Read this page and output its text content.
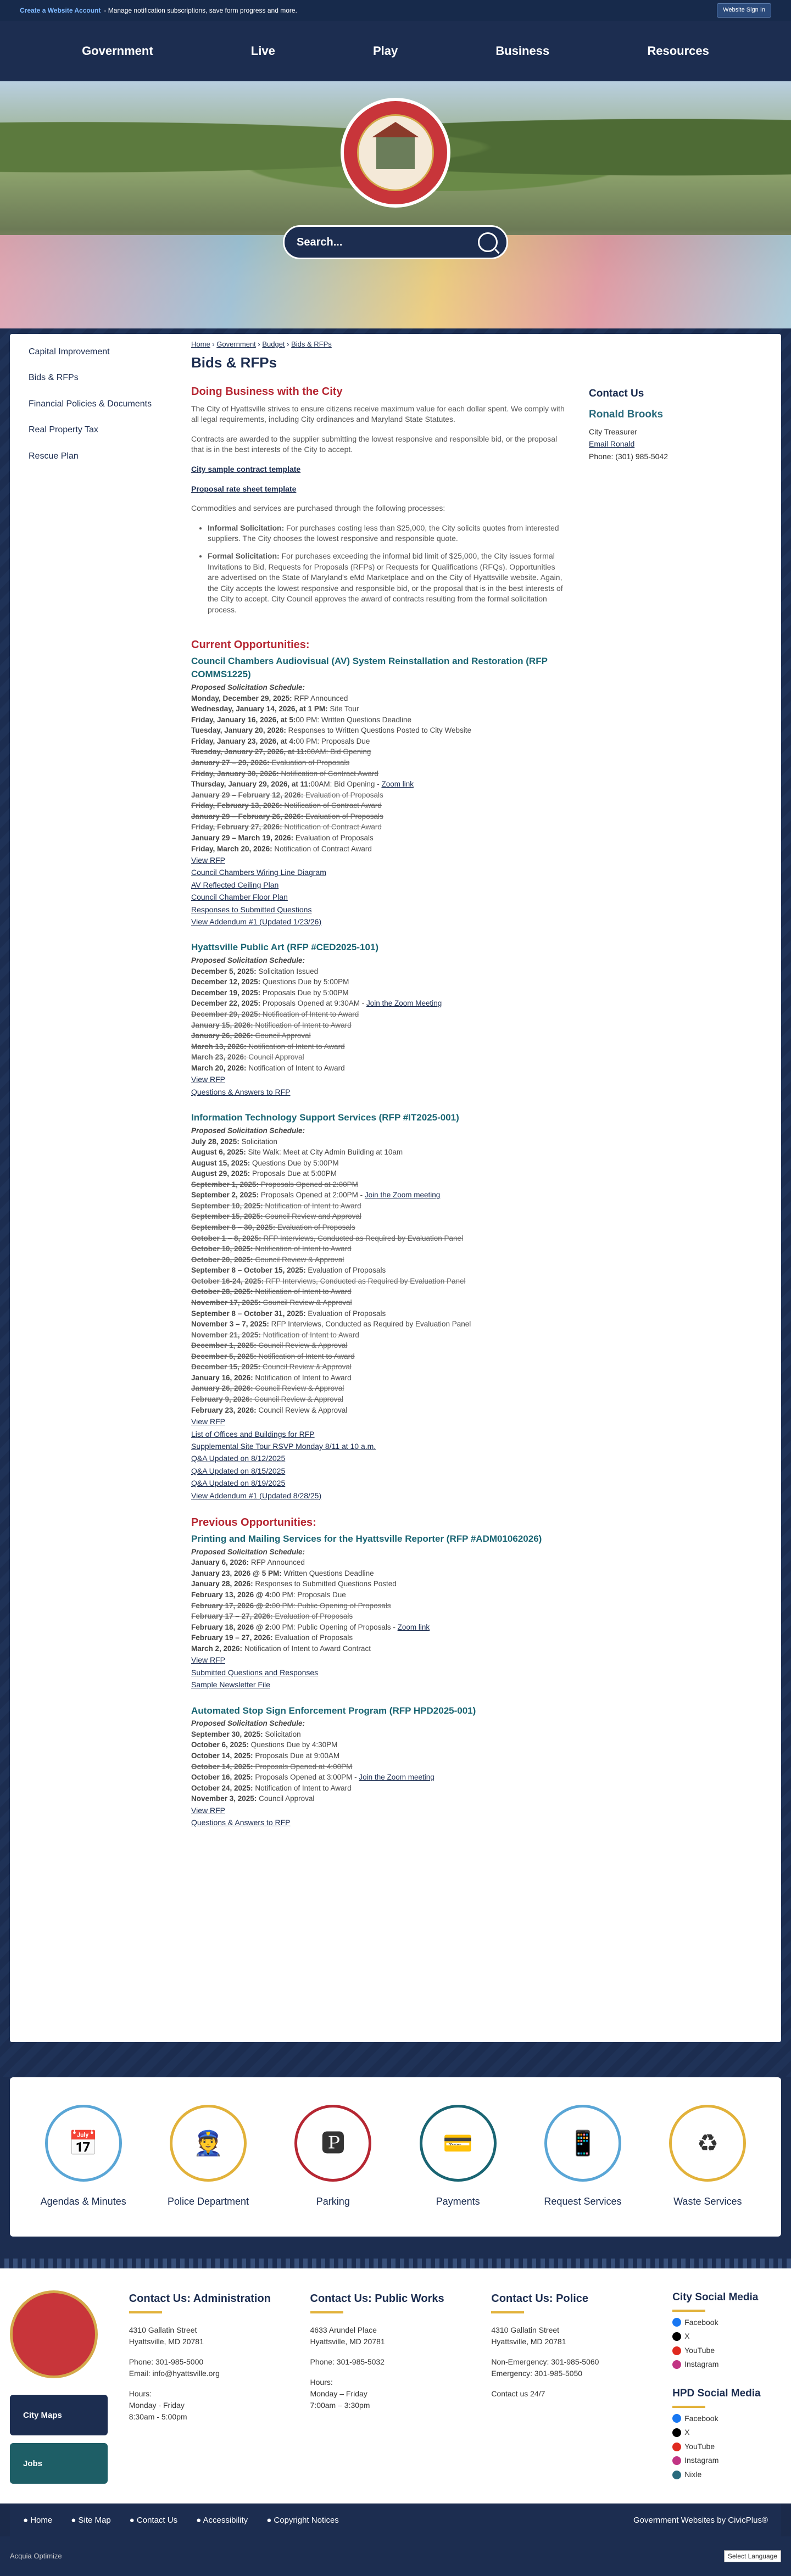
Create a Website Account - Manage notification subscriptions, save form progress and more.	Website Sign In
Government	Live	Play	Business	Resources
Search...
Capital Improvement
Bids & RFPs
Financial Policies & Documents
Real Property Tax
Rescue Plan
Home › Government › Budget › Bids & RFPs
Bids & RFPs
Doing Business with the City

The City of Hyattsville strives to ensure citizens receive maximum value for each dollar spent. We comply with all legal requirements, including City ordinances and Maryland State Statutes.

Contracts are awarded to the supplier submitting the lowest responsive and responsible bid, or the proposal that is in the best interests of the City to accept.

City sample contract template

Proposal rate sheet template

Commodities and services are purchased through the following processes:

• Informal Solicitation: For purchases costing less than $25,000, the City solicits quotes from interested suppliers. The City chooses the lowest responsive and responsible quote.
• Formal Solicitation: For purchases exceeding the informal bid limit of $25,000, the City issues formal Invitations to Bid, Requests for Proposals (RFPs) or Requests for Qualifications (RFQs). Opportunities are advertised on the State of Maryland's eMd Marketplace and on the City of Hyattsville website. Again, the City accepts the lowest responsive and responsible bid, or the proposal that is in the best interests of the City to accept. City Council approves the award of contracts resulting from the formal solicitation process.
Current Opportunities:
Council Chambers Audiovisual (AV) System Reinstallation and Restoration (RFP COMMS1225)
Proposed Solicitation Schedule:
Monday, December 29, 2025: RFP Announced
Wednesday, January 14, 2026, at 1 PM: Site Tour
Friday, January 16, 2026, at 5:00 PM: Written Questions Deadline
Tuesday, January 20, 2026: Responses to Written Questions Posted to City Website
Friday, January 23, 2026, at 4:00 PM: Proposals Due
Tuesday, January 27, 2026, at 11:00AM: Bid Opening
January 27 – 29, 2026: Evaluation of Proposals
Friday, January 30, 2026: Notification of Contract Award
Thursday, January 29, 2026, at 11:00AM: Bid Opening - Zoom link
January 29 – February 12, 2026: Evaluation of Proposals
Friday, February 13, 2026: Notification of Contract Award
January 29 – February 26, 2026: Evaluation of Proposals
Friday, February 27, 2026: Notification of Contract Award
January 29 – March 19, 2026: Evaluation of Proposals
Friday, March 20, 2026: Notification of Contract Award
View RFP
Council Chambers Wiring Line Diagram
AV Reflected Ceiling Plan
Council Chamber Floor Plan
Responses to Submitted Questions
View Addendum #1 (Updated 1/23/26)
Hyattsville Public Art (RFP #CED2025-101)
Proposed Solicitation Schedule:
December 5, 2025: Solicitation Issued
December 12, 2025: Questions Due by 5:00PM
December 19, 2025: Proposals Due by 5:00PM
December 22, 2025: Proposals Opened at 9:30AM - Join the Zoom Meeting
December 29, 2025: Notification of Intent to Award
January 15, 2026: Notification of Intent to Award
January 26, 2026: Council Approval
March 13, 2026: Notification of Intent to Award
March 23, 2026: Council Approval
March 20, 2026: Notification of Intent to Award
View RFP
Questions & Answers to RFP
Information Technology Support Services (RFP #IT2025-001)
Proposed Solicitation Schedule:
July 28, 2025: Solicitation
August 6, 2025: Site Walk: Meet at City Admin Building at 10am
August 15, 2025: Questions Due by 5:00PM
August 29, 2025: Proposals Due at 5:00PM
September 1, 2025: Proposals Opened at 2:00PM
September 2, 2025: Proposals Opened at 2:00PM - Join the Zoom meeting
September 10, 2025: Notification of Intent to Award
September 15, 2025: Council Review and Approval
September 8 – 30, 2025: Evaluation of Proposals
October 1 – 8, 2025: RFP Interviews, Conducted as Required by Evaluation Panel
October 10, 2025: Notification of Intent to Award
October 20, 2025: Council Review & Approval
September 8 – October 15, 2025: Evaluation of Proposals
October 16-24, 2025: RFP Interviews, Conducted as Required by Evaluation Panel
October 28, 2025: Notification of Intent to Award
November 17, 2025: Council Review & Approval
September 8 – October 31, 2025: Evaluation of Proposals
November 3 – 7, 2025: RFP Interviews, Conducted as Required by Evaluation Panel
November 21, 2025: Notification of Intent to Award
December 1, 2025: Council Review & Approval
December 5, 2025: Notification of Intent to Award
December 15, 2025: Council Review & Approval
January 16, 2026: Notification of Intent to Award
January 26, 2026: Council Review & Approval
February 9, 2026: Council Review & Approval
February 23, 2026: Council Review & Approval
View RFP
List of Offices and Buildings for RFP
Supplemental Site Tour RSVP Monday 8/11 at 10 a.m.
Q&A Updated on 8/12/2025
Q&A Updated on 8/15/2025
Q&A Updated on 8/19/2025
View Addendum #1 (Updated 8/28/25)
Previous Opportunities:
Printing and Mailing Services for the Hyattsville Reporter (RFP #ADM01062026)
Proposed Solicitation Schedule:
January 6, 2026: RFP Announced
January 23, 2026 @ 5 PM: Written Questions Deadline
January 28, 2026: Responses to Submitted Questions Posted
February 13, 2026 @ 4:00 PM: Proposals Due
February 17, 2026 @ 2:00 PM: Public Opening of Proposals
February 17 – 27, 2026: Evaluation of Proposals
February 18, 2026 @ 2:00 PM: Public Opening of Proposals - Zoom link
February 19 – 27, 2026: Evaluation of Proposals
March 2, 2026: Notification of Intent to Award Contract
View RFP
Submitted Questions and Responses
Sample Newsletter File
Automated Stop Sign Enforcement Program (RFP HPD2025-001)
Proposed Solicitation Schedule:
September 30, 2025: Solicitation
October 6, 2025: Questions Due by 4:30PM
October 14, 2025: Proposals Due at 9:00AM
October 14, 2025: Proposals Opened at 4:00PM
October 16, 2025: Proposals Opened at 3:00PM - Join the Zoom meeting
October 24, 2025: Notification of Intent to Award
November 3, 2025: Council Approval
View RFP
Questions & Answers to RFP
Contact Us
Ronald Brooks

City Treasurer

Email Ronald

Phone: (301) 985-5042

📅
Agendas & Minutes
👮
Police Department
🅿
Parking
💳
Payments
📱
Request Services
♻
Waste Services
City Maps
Jobs
Contact Us: Administration

4310 Gallatin Street
Hyattsville, MD 20781

Phone: 301-985-5000
Email: info@hyattsville.org

Hours:
Monday - Friday
8:30am - 5:00pm

Contact Us: Public Works

4633 Arundel Place
Hyattsville, MD 20781

Phone: 301-985-5032

Hours:
Monday – Friday
7:00am – 3:30pm

Contact Us: Police

4310 Gallatin Street
Hyattsville, MD 20781

Non-Emergency: 301-985-5060
Emergency: 301-985-5050

Contact us 24/7

City Social Media
Facebook
X
YouTube
Instagram
HPD Social Media
Facebook
X
YouTube
Instagram
Nixle
● Home ● Site Map ● Contact Us ● Accessibility ● Copyright Notices	Government Websites by CivicPlus®
Acquia Optimize	Select Language
